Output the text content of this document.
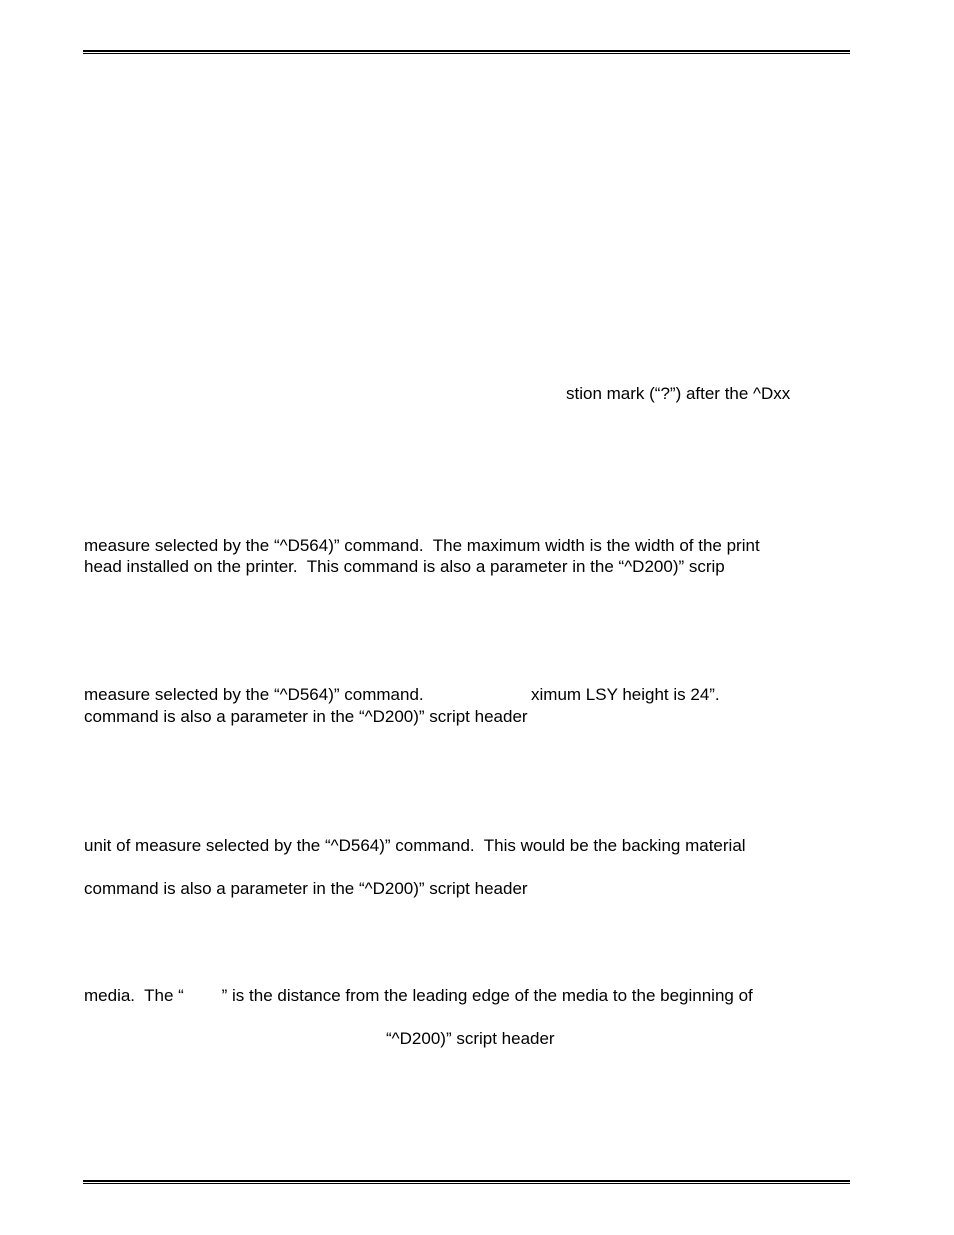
stion mark (“?”) after the ^Dxx
measure selected by the “^D564)” command.  The maximum width is the width of the print
head installed on the printer.  This command is also a parameter in the “^D200)” scrip
measure selected by the “^D564)” command.	ximum LSY height is 24”.
command is also a parameter in the “^D200)” script header
unit of measure selected by the “^D564)” command.  This would be the backing material
command is also a parameter in the “^D200)” script header
media.  The “        ” is the distance from the leading edge of the media to the beginning of
“^D200)” script header
